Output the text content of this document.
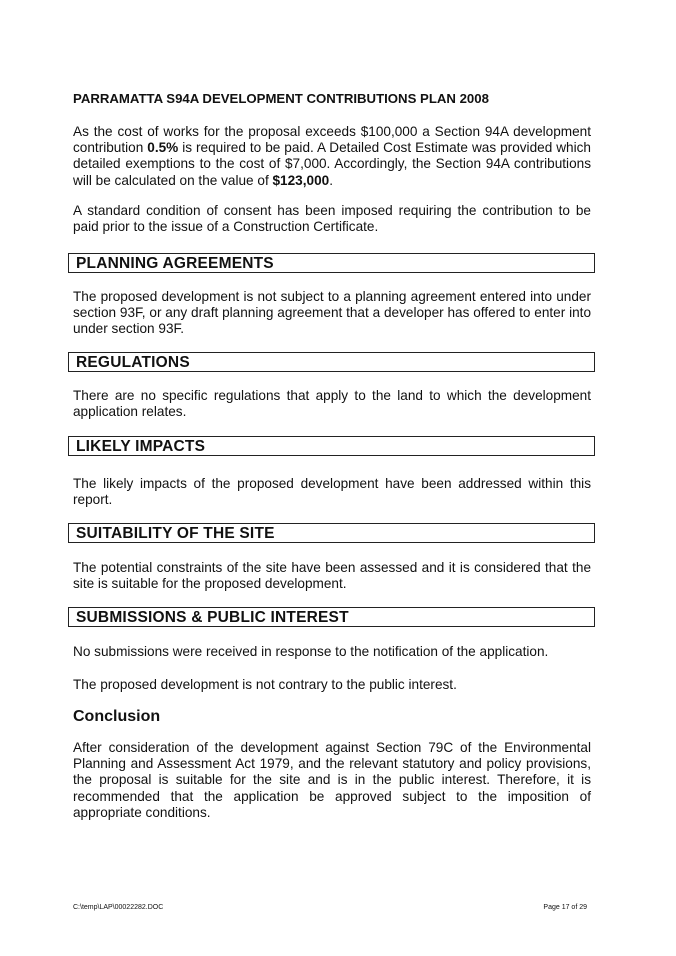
PARRAMATTA S94A DEVELOPMENT CONTRIBUTIONS PLAN 2008

As the cost of works for the proposal exceeds $100,000 a Section 94A development contribution 0.5% is required to be paid. A Detailed Cost Estimate was provided which detailed exemptions to the cost of $7,000. Accordingly, the Section 94A contributions will be calculated on the value of $123,000.

A standard condition of consent has been imposed requiring the contribution to be paid prior to the issue of a Construction Certificate.

PLANNING AGREEMENTS

The proposed development is not subject to a planning agreement entered into under section 93F, or any draft planning agreement that a developer has offered to enter into under section 93F.

REGULATIONS

There are no specific regulations that apply to the land to which the development application relates.

LIKELY IMPACTS

The likely impacts of the proposed development have been addressed within this report.

SUITABILITY OF THE SITE

The potential constraints of the site have been assessed and it is considered that the site is suitable for the proposed development.

SUBMISSIONS & PUBLIC INTEREST

No submissions were received in response to the notification of the application.

The proposed development is not contrary to the public interest.

Conclusion

After consideration of the development against Section 79C of the Environmental Planning and Assessment Act 1979, and the relevant statutory and policy provisions, the proposal is suitable for the site and is in the public interest. Therefore, it is recommended that the application be approved subject to the imposition of appropriate conditions.

C:\temp\LAP\00022282.DOC	Page 17 of 29
